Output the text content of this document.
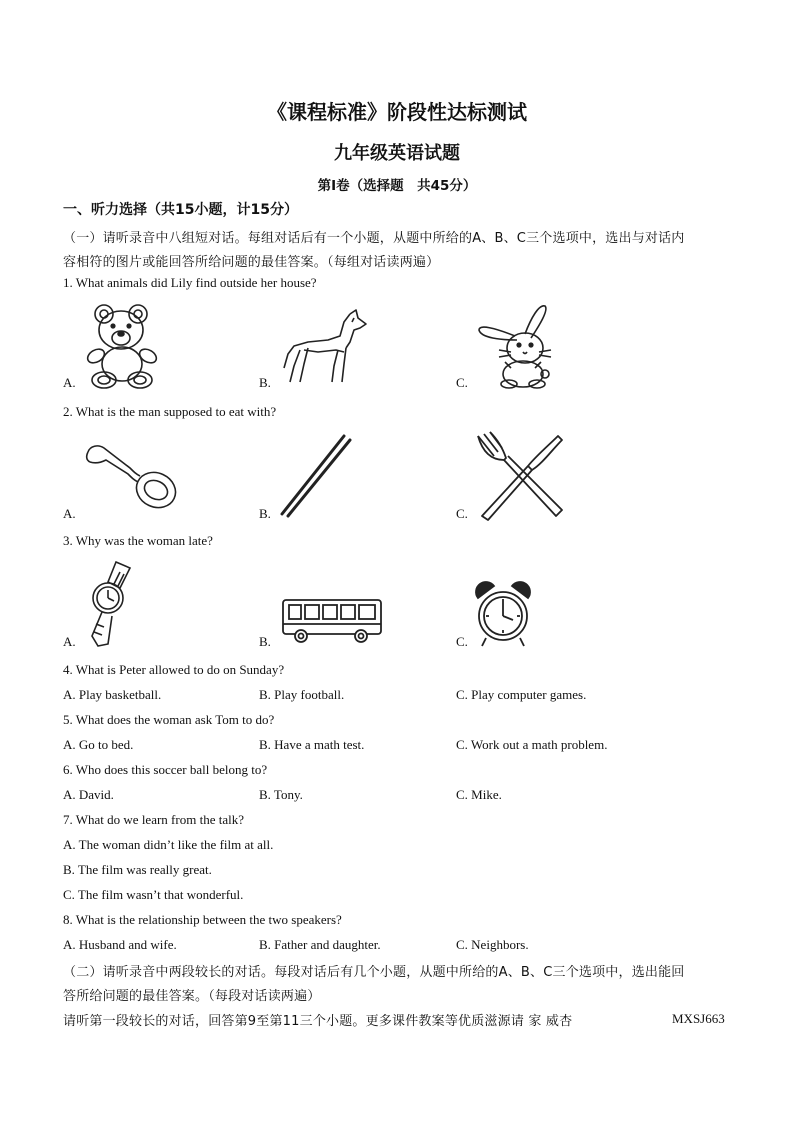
《课程标准》阶段性达标测试
九年级英语试题
第Ⅰ卷（选择题　共45分）
一、听力选择（共15小题，计15分）
（一）请听录音中八组短对话。每组对话后有一个小题，从题中所给的A、B、C三个选项中，选出与对话内
容相符的图片或能回答所给问题的最佳答案。（每组对话读两遍）
1. What animals did Lily find outside her house?
A.	B.	C.
2. What is the man supposed to eat with?
A.	B.	C.
3. Why was the woman late?
A.	B.	C.
4. What is Peter allowed to do on Sunday?
A. Play basketball.	B. Play football.	C. Play computer games.
5. What does the woman ask Tom to do?
A. Go to bed.	B. Have a math test.	C. Work out a math problem.
6. Who does this soccer ball belong to?
A. David.	B. Tony.	C. Mike.
7. What do we learn from the talk?
A. The woman didn’t like the film at all.
B. The film was really great.
C. The film wasn’t that wonderful.
8. What is the relationship between the two speakers?
A. Husband and wife.	B. Father and daughter.	C. Neighbors.
（二）请听录音中两段较长的对话。每段对话后有几个小题，从题中所给的A、B、C三个选项中，选出能回
答所给问题的最佳答案。（每段对话读两遍）
请听第一段较长的对话，回答第9至第11三个小题。更多课件教案等优质滋源请 家 威杏	MXSJ663
